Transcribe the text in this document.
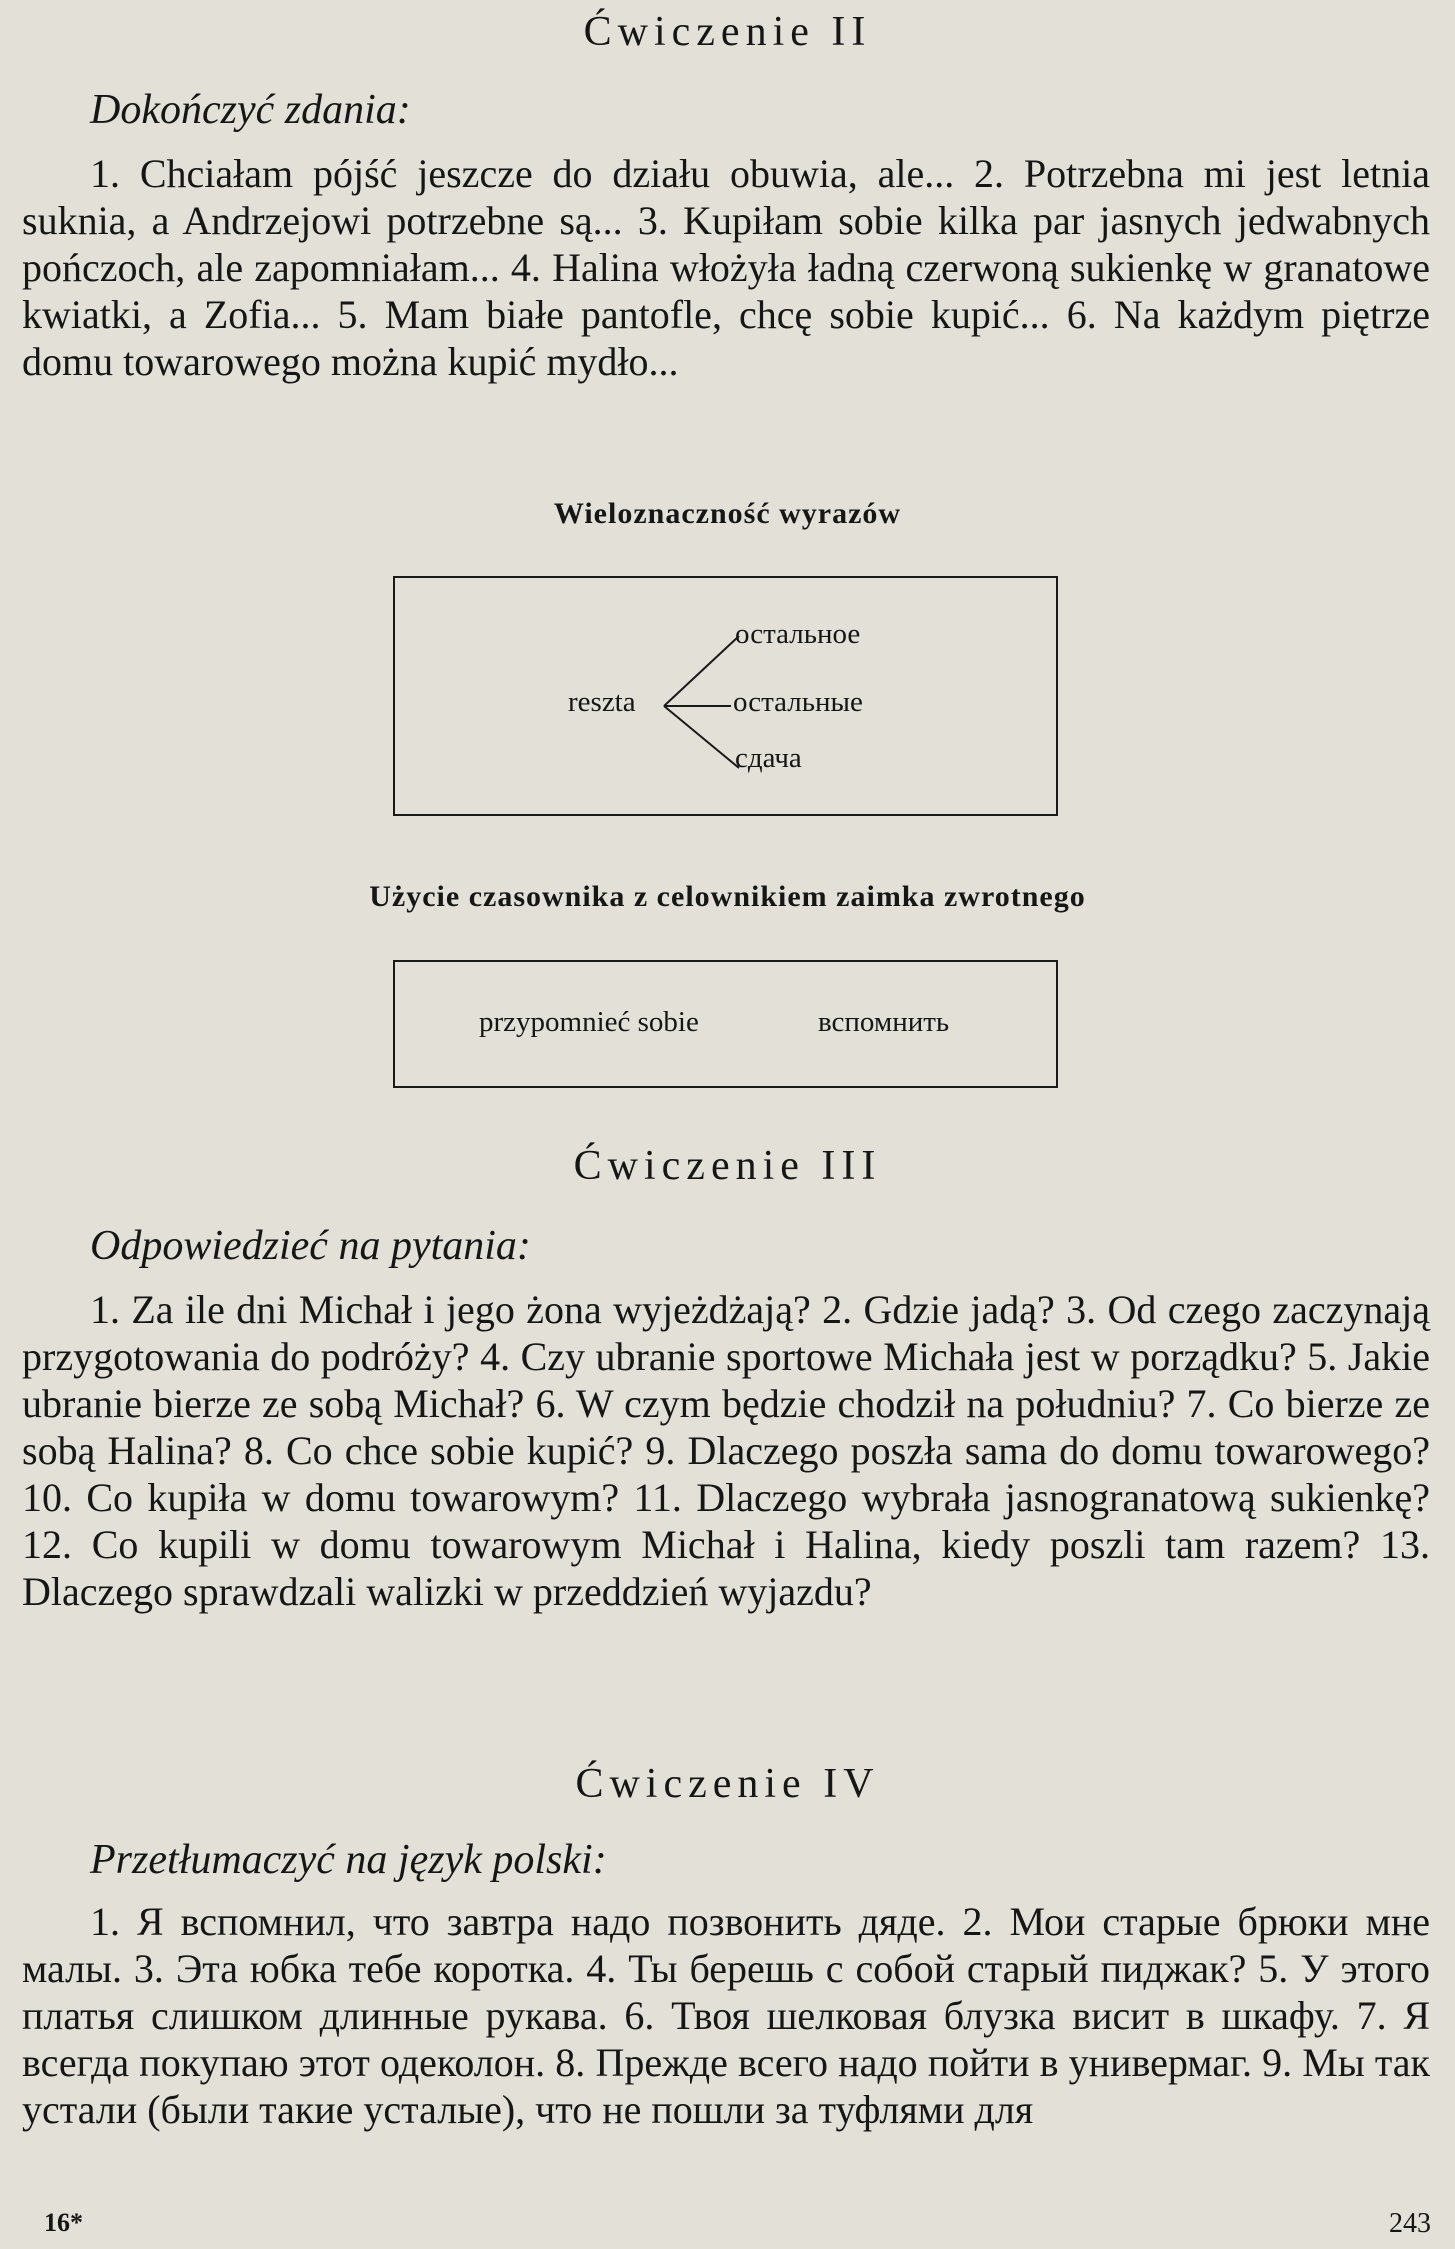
Ćwiczenie II

Dokończyć zdania:

1. Chciałam pójść jeszcze do działu obuwia, ale... 2. Potrzebna mi jest letnia suknia, a Andrzejowi potrzebne są... 3. Kupiłam sobie kilka par jasnych jedwabnych pończoch, ale zapomniałam... 4. Halina włożyła ładną czerwoną sukienkę w granatowe kwiatki, a Zofia... 5. Mam białe pantofle, chcę sobie kupić... 6. Na każdym piętrze domu towarowego można kupić mydło...

Wieloznaczność wyrazów

reszta
остальное
остальные
сдача

Użycie czasownika z celownikiem zaimka zwrotnego

przypomnieć sobie	вспомнить
Ćwiczenie III

Odpowiedzieć na pytania:

1. Za ile dni Michał i jego żona wyjeżdżają? 2. Gdzie jadą? 3. Od czego zaczynają przygotowania do podróży? 4. Czy ubranie sportowe Michała jest w porządku? 5. Jakie ubranie bierze ze sobą Michał? 6. W czym będzie chodził na południu? 7. Co bierze ze sobą Halina? 8. Co chce sobie kupić? 9. Dlaczego poszła sama do domu towarowego? 10. Co kupiła w domu towarowym? 11. Dlaczego wybrała jasnogranatową sukienkę? 12. Co kupili w domu towarowym Michał i Halina, kiedy poszli tam razem? 13. Dlaczego sprawdzali walizki w przeddzień wyjazdu?

Ćwiczenie IV

Przetłumaczyć na język polski:

1. Я вспомнил, что завтра надо позвонить дяде. 2. Мои старые брюки мне малы. 3. Эта юбка тебе коротка. 4. Ты берешь с собой старый пиджак? 5. У этого платья слишком длинные рукава. 6. Твоя шелковая блузка висит в шкафу. 7. Я всегда покупаю этот одеколон. 8. Прежде всего надо пойти в универмаг. 9. Мы так устали (были такие усталые), что не пошли за туфлями для

16*	243
